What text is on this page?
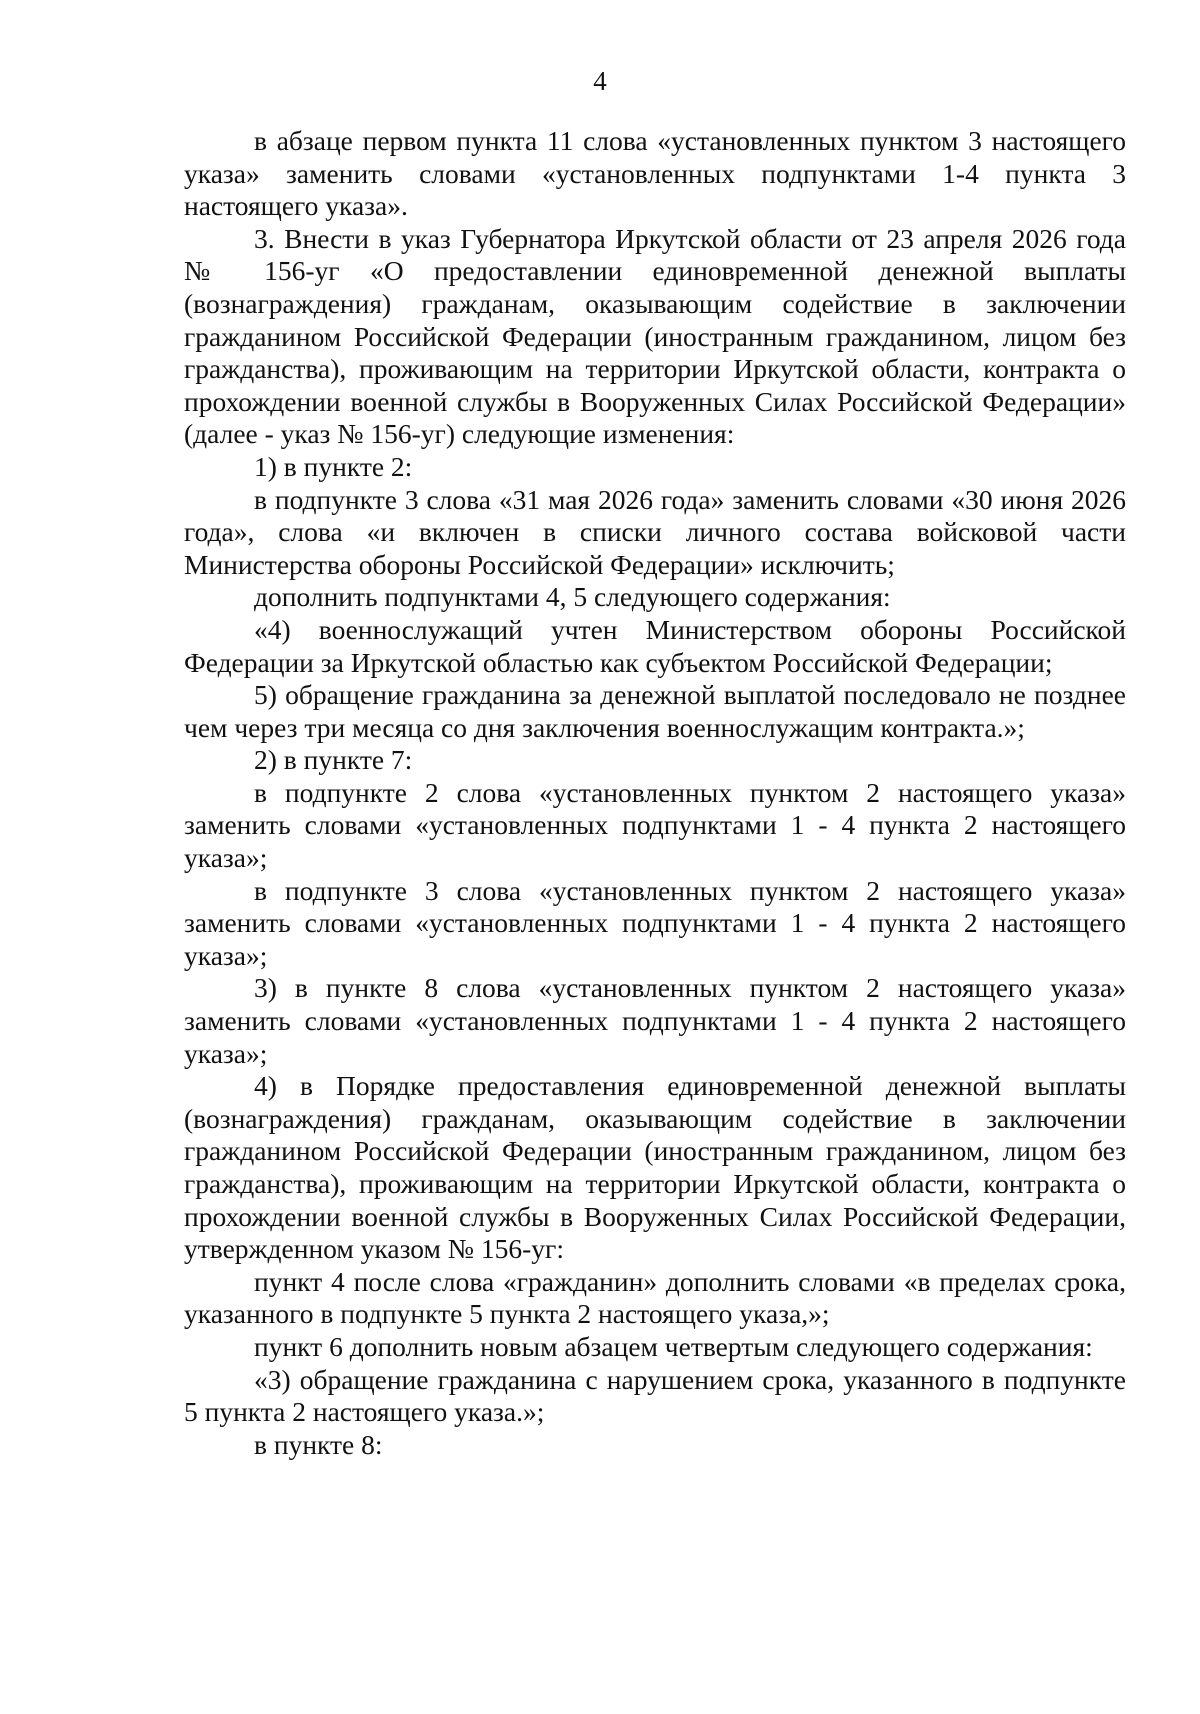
4

в абзаце первом пункта 11 слова «установленных пунктом 3 настоящего указа» заменить словами «установленных подпунктами 1-4 пункта 3 настоящего указа».

3. Внести в указ Губернатора Иркутской области от 23 апреля 2026 года № 156-уг «О предоставлении единовременной денежной выплаты (вознаграждения) гражданам, оказывающим содействие в заключении гражданином Российской Федерации (иностранным гражданином, лицом без гражданства), проживающим на территории Иркутской области, контракта о прохождении военной службы в Вооруженных Силах Российской Федерации» (далее - указ № 156-уг) следующие изменения:

1) в пункте 2:

в подпункте 3 слова «31 мая 2026 года» заменить словами «30 июня 2026 года», слова «и включен в списки личного состава войсковой части Министерства обороны Российской Федерации» исключить;

дополнить подпунктами 4, 5 следующего содержания:

«4) военнослужащий учтен Министерством обороны Российской Федерации за Иркутской областью как субъектом Российской Федерации;

5) обращение гражданина за денежной выплатой последовало не позднее чем через три месяца со дня заключения военнослужащим контракта.»;

2) в пункте 7:

в подпункте 2 слова «установленных пунктом 2 настоящего указа» заменить словами «установленных подпунктами 1 - 4 пункта 2 настоящего указа»;

в подпункте 3 слова «установленных пунктом 2 настоящего указа» заменить словами «установленных подпунктами 1 - 4 пункта 2 настоящего указа»;

3) в пункте 8 слова «установленных пунктом 2 настоящего указа» заменить словами «установленных подпунктами 1 - 4 пункта 2 настоящего указа»;

4) в Порядке предоставления единовременной денежной выплаты (вознаграждения) гражданам, оказывающим содействие в заключении гражданином Российской Федерации (иностранным гражданином, лицом без гражданства), проживающим на территории Иркутской области, контракта о прохождении военной службы в Вооруженных Силах Российской Федерации, утвержденном указом № 156-уг:

пункт 4 после слова «гражданин» дополнить словами «в пределах срока, указанного в подпункте 5 пункта 2 настоящего указа,»;

пункт 6 дополнить новым абзацем четвертым следующего содержания:

«3) обращение гражданина с нарушением срока, указанного в подпункте 5 пункта 2 настоящего указа.»;

в пункте 8:
